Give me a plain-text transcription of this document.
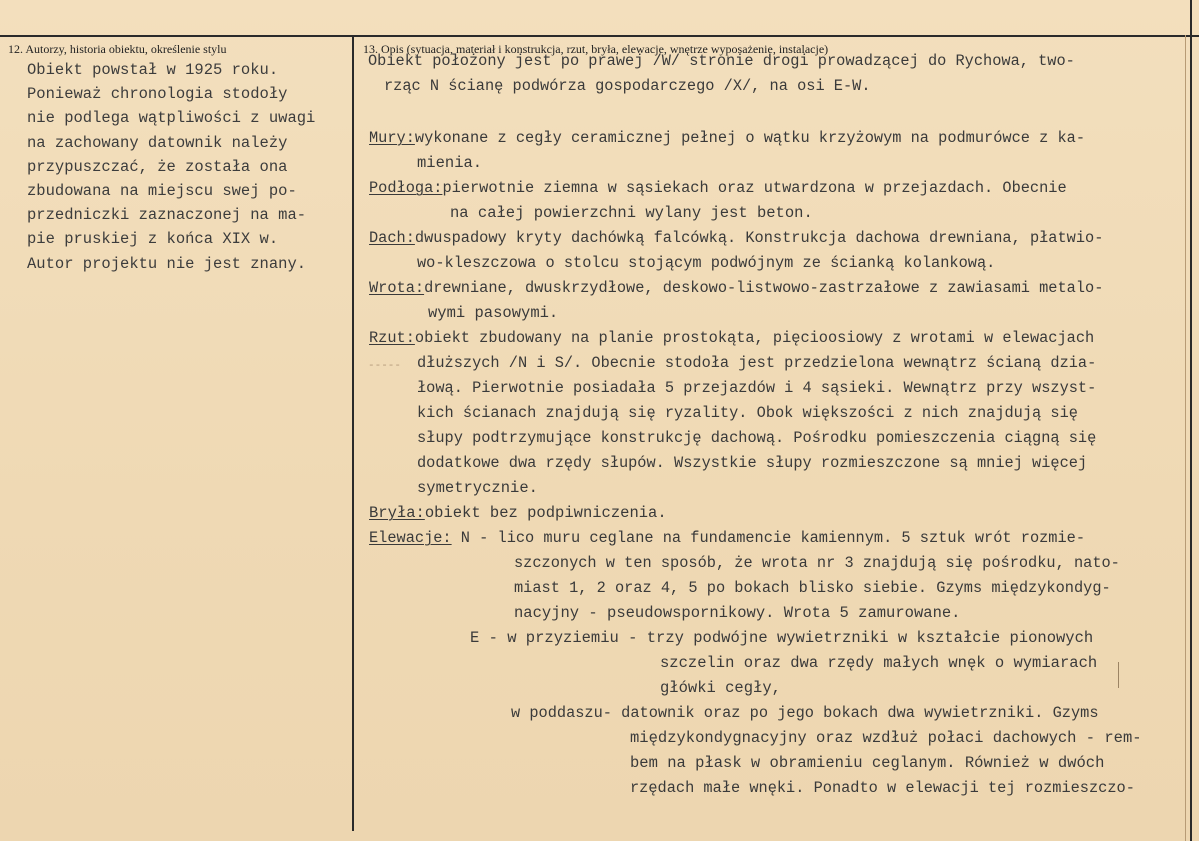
12. Autorzy, historia obiektu, określenie stylu	13. Opis (sytuacja, materiał i konstrukcja, rzut, bryła, elewacje, wnętrze wyposażenie, instalacje)
Obiekt powstał w 1925 roku.
Ponieważ chronologia stodoły
nie podlega wątpliwości z uwagi
na zachowany datownik należy
przypuszczać, że została ona
zbudowana na miejscu swej po-
przedniczki zaznaczonej na ma-
pie pruskiej z końca XIX w.
Autor projektu nie jest znany.
Obiekt położony jest po prawej /W/ stronie drogi prowadzącej do Rychowa, two-
rząc N ścianę podwórza gospodarczego /X/, na osi E-W.
Mury:wykonane z cegły ceramicznej pełnej o wątku krzyżowym na podmurówce z ka-
mienia.
Podłoga:pierwotnie ziemna w sąsiekach oraz utwardzona w przejazdach. Obecnie
na całej powierzchni wylany jest beton.
Dach:dwuspadowy kryty dachówką falcówką. Konstrukcja dachowa drewniana, płatwio-
wo-kleszczowa o stolcu stojącym podwójnym ze ścianką kolankową.
Wrota:drewniane, dwuskrzydłowe, deskowo-listwowo-zastrzałowe z zawiasami metalo-
wymi pasowymi.
Rzut:obiekt zbudowany na planie prostokąta, pięcioosiowy z wrotami w elewacjach
dłuższych /N i S/. Obecnie stodoła jest przedzielona wewnątrz ścianą dzia-
-----
łową. Pierwotnie posiadała 5 przejazdów i 4 sąsieki. Wewnątrz przy wszyst-
kich ścianach znajdują się ryzality. Obok większości z nich znajdują się
słupy podtrzymujące konstrukcję dachową. Pośrodku pomieszczenia ciągną się
dodatkowe dwa rzędy słupów. Wszystkie słupy rozmieszczone są mniej więcej
symetrycznie.
Bryła:obiekt bez podpiwniczenia.
Elewacje: N - lico muru ceglane na fundamencie kamiennym. 5 sztuk wrót rozmie-
szczonych w ten sposób, że wrota nr 3 znajdują się pośrodku, nato-
miast 1, 2 oraz 4, 5 po bokach blisko siebie. Gzyms międzykondyg-
nacyjny - pseudowspornikowy. Wrota 5 zamurowane.
E - w przyziemiu - trzy podwójne wywietrzniki w kształcie pionowych
szczelin oraz dwa rzędy małych wnęk o wymiarach
główki cegły,
w poddaszu- datownik oraz po jego bokach dwa wywietrzniki. Gzyms
międzykondygnacyjny oraz wzdłuż połaci dachowych - rem-
bem na płask w obramieniu ceglanym. Również w dwóch
rzędach małe wnęki. Ponadto w elewacji tej rozmieszczo-
